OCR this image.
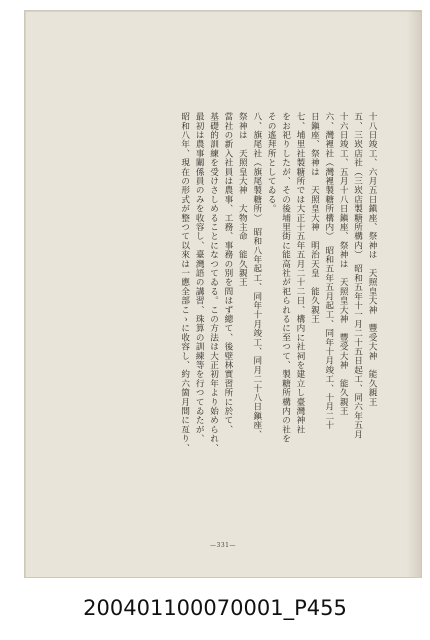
十八日竣工、六月五日鎭座、祭神は　天照皇大神　豐受大神　能久親王
五、三崁店社（三崁店製糖所構内）　昭和五年十一月二十五日起工、同六年五月
十六日竣工、五月十八日鎭座、祭神は　天照皇大神　豐受大神　能久親王
六、灣裡社（灣裡製糖所構内）　昭和五年五月起工、同年十月竣工、十月二十
日鎭座、祭神は　天照皇大神　明治天皇　能久親王
七、埔里社製糖所では大正十五年五月二十二日、構内に社祠を建立し臺灣神社
をお祀りしたが、その後埔里街に能高社が祀られるに至つて、製糖所構内の社を
その遙拜所としてゐる。
八、旗尾社（旗尾製糖所）　昭和八年起工、同年十月竣工、同月二十八日鎭座、
祭神は　天照皇大神　大物主命　能久親王
當社の新入社員は農事、工務、事務の別を問はず總て、後壁林實習所に於て、
基礎的訓練を受けさしめることになつてゐる。この方法は大正初年より始められ、
最初は農事關係員のみを收容し、臺灣語の講習、珠算の訓練等を行つてゐたが、
昭和八年、現在の形式が整つて以來は一應全部こゝに收容し、約六箇月間に亙り、
—331—
200401100070001_P455
